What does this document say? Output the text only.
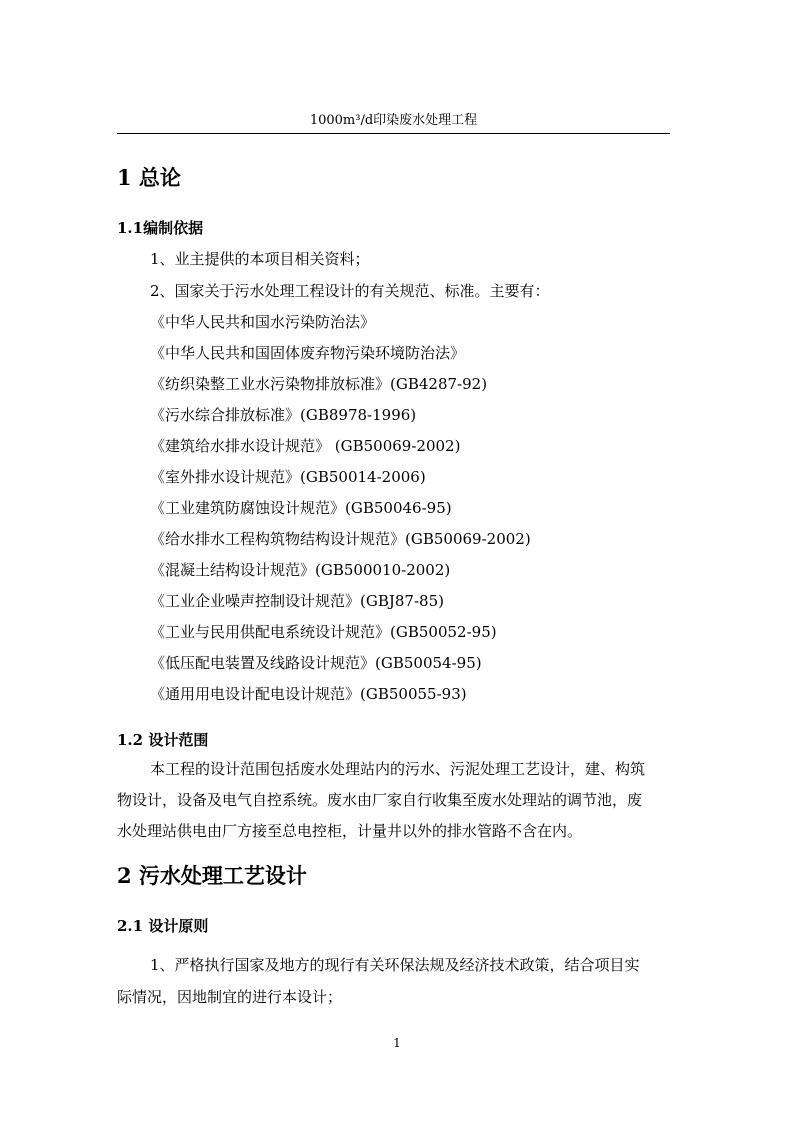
1000m³/d印染废水处理工程
1 总论
1.1编制依据
1、业主提供的本项目相关资料；
2、国家关于污水处理工程设计的有关规范、标准。主要有：
《中华人民共和国水污染防治法》
《中华人民共和国固体废弃物污染环境防治法》
《纺织染整工业水污染物排放标准》(GB4287-92)
《污水综合排放标准》(GB8978-1996)
《建筑给水排水设计规范》 (GB50069-2002)
《室外排水设计规范》(GB50014-2006)
《工业建筑防腐蚀设计规范》(GB50046-95)
《给水排水工程构筑物结构设计规范》(GB50069-2002)
《混凝土结构设计规范》(GB500010-2002)
《工业企业噪声控制设计规范》(GBJ87-85)
《工业与民用供配电系统设计规范》(GB50052-95)
《低压配电装置及线路设计规范》(GB50054-95)
《通用用电设计配电设计规范》(GB50055-93)
1.2 设计范围
本工程的设计范围包括废水处理站内的污水、污泥处理工艺设计，建、构筑
物设计，设备及电气自控系统。废水由厂家自行收集至废水处理站的调节池，废
水处理站供电由厂方接至总电控柜，计量井以外的排水管路不含在内。
2 污水处理工艺设计
2.1 设计原则
1、严格执行国家及地方的现行有关环保法规及经济技术政策，结合项目实
际情况，因地制宜的进行本设计；
1
